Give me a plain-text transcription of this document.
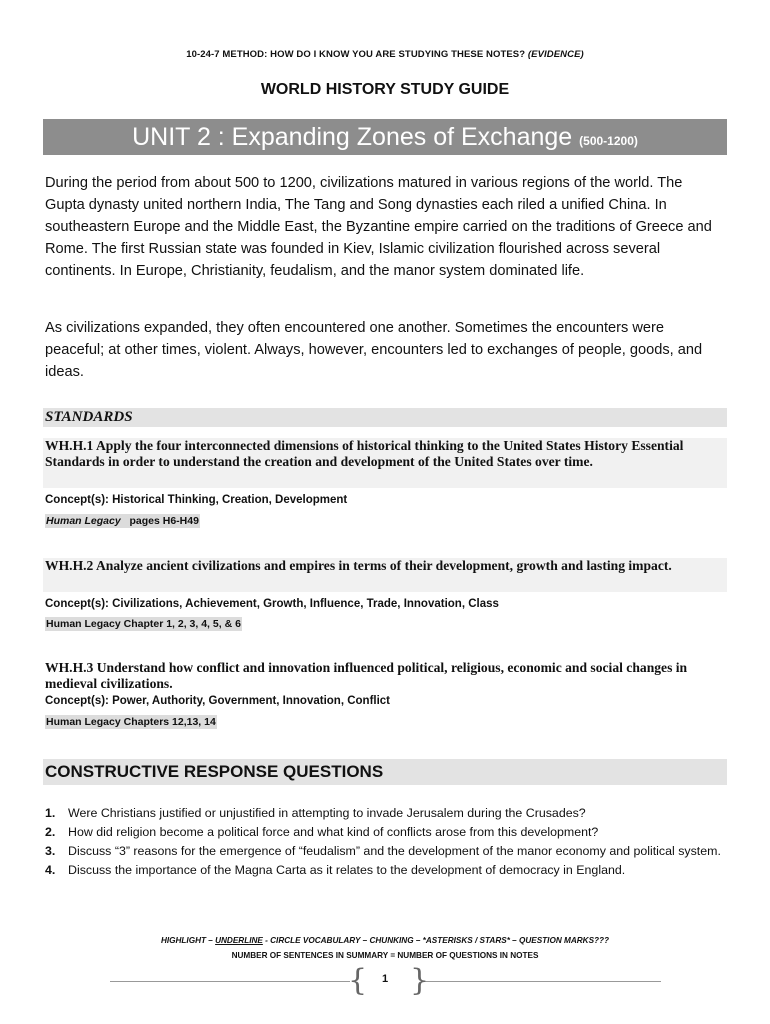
10-24-7 METHOD: HOW DO I KNOW YOU ARE STUDYING THESE NOTES? (EVIDENCE)
WORLD HISTORY STUDY GUIDE
UNIT 2 : Expanding Zones of Exchange (500-1200)
During the period from about 500 to 1200, civilizations matured in various regions of the world. The Gupta dynasty united northern India, The Tang and Song dynasties each riled a unified China. In southeastern Europe and the Middle East, the Byzantine empire carried on the traditions of Greece and Rome. The first Russian state was founded in Kiev, Islamic civilization flourished across several continents. In Europe, Christianity, feudalism, and the manor system dominated life.
As civilizations expanded, they often encountered one another. Sometimes the encounters were peaceful; at other times, violent. Always, however, encounters led to exchanges of people, goods, and ideas.
STANDARDS
WH.H.1 Apply the four interconnected dimensions of historical thinking to the United States History Essential Standards in order to understand the creation and development of the United States over time.
Concept(s): Historical Thinking, Creation, Development
Human Legacy pages H6-H49
WH.H.2 Analyze ancient civilizations and empires in terms of their development, growth and lasting impact.
Concept(s): Civilizations, Achievement, Growth, Influence, Trade, Innovation, Class
Human Legacy Chapter 1, 2, 3, 4, 5, & 6
WH.H.3 Understand how conflict and innovation influenced political, religious, economic and social changes in medieval civilizations.
Concept(s): Power, Authority, Government, Innovation, Conflict
Human Legacy Chapters 12,13, 14
CONSTRUCTIVE RESPONSE QUESTIONS
1. Were Christians justified or unjustified in attempting to invade Jerusalem during the Crusades?
2. How did religion become a political force and what kind of conflicts arose from this development?
3. Discuss “3” reasons for the emergence of “feudalism” and the development of the manor economy and political system.
4. Discuss the importance of the Magna Carta as it relates to the development of democracy in England.
HIGHLIGHT – UNDERLINE - CIRCLE VOCABULARY – CHUNKING – *ASTERISKS / STARS* – QUESTION MARKS???
NUMBER OF SENTENCES IN SUMMARY = NUMBER OF QUESTIONS IN NOTES
{ }
1
